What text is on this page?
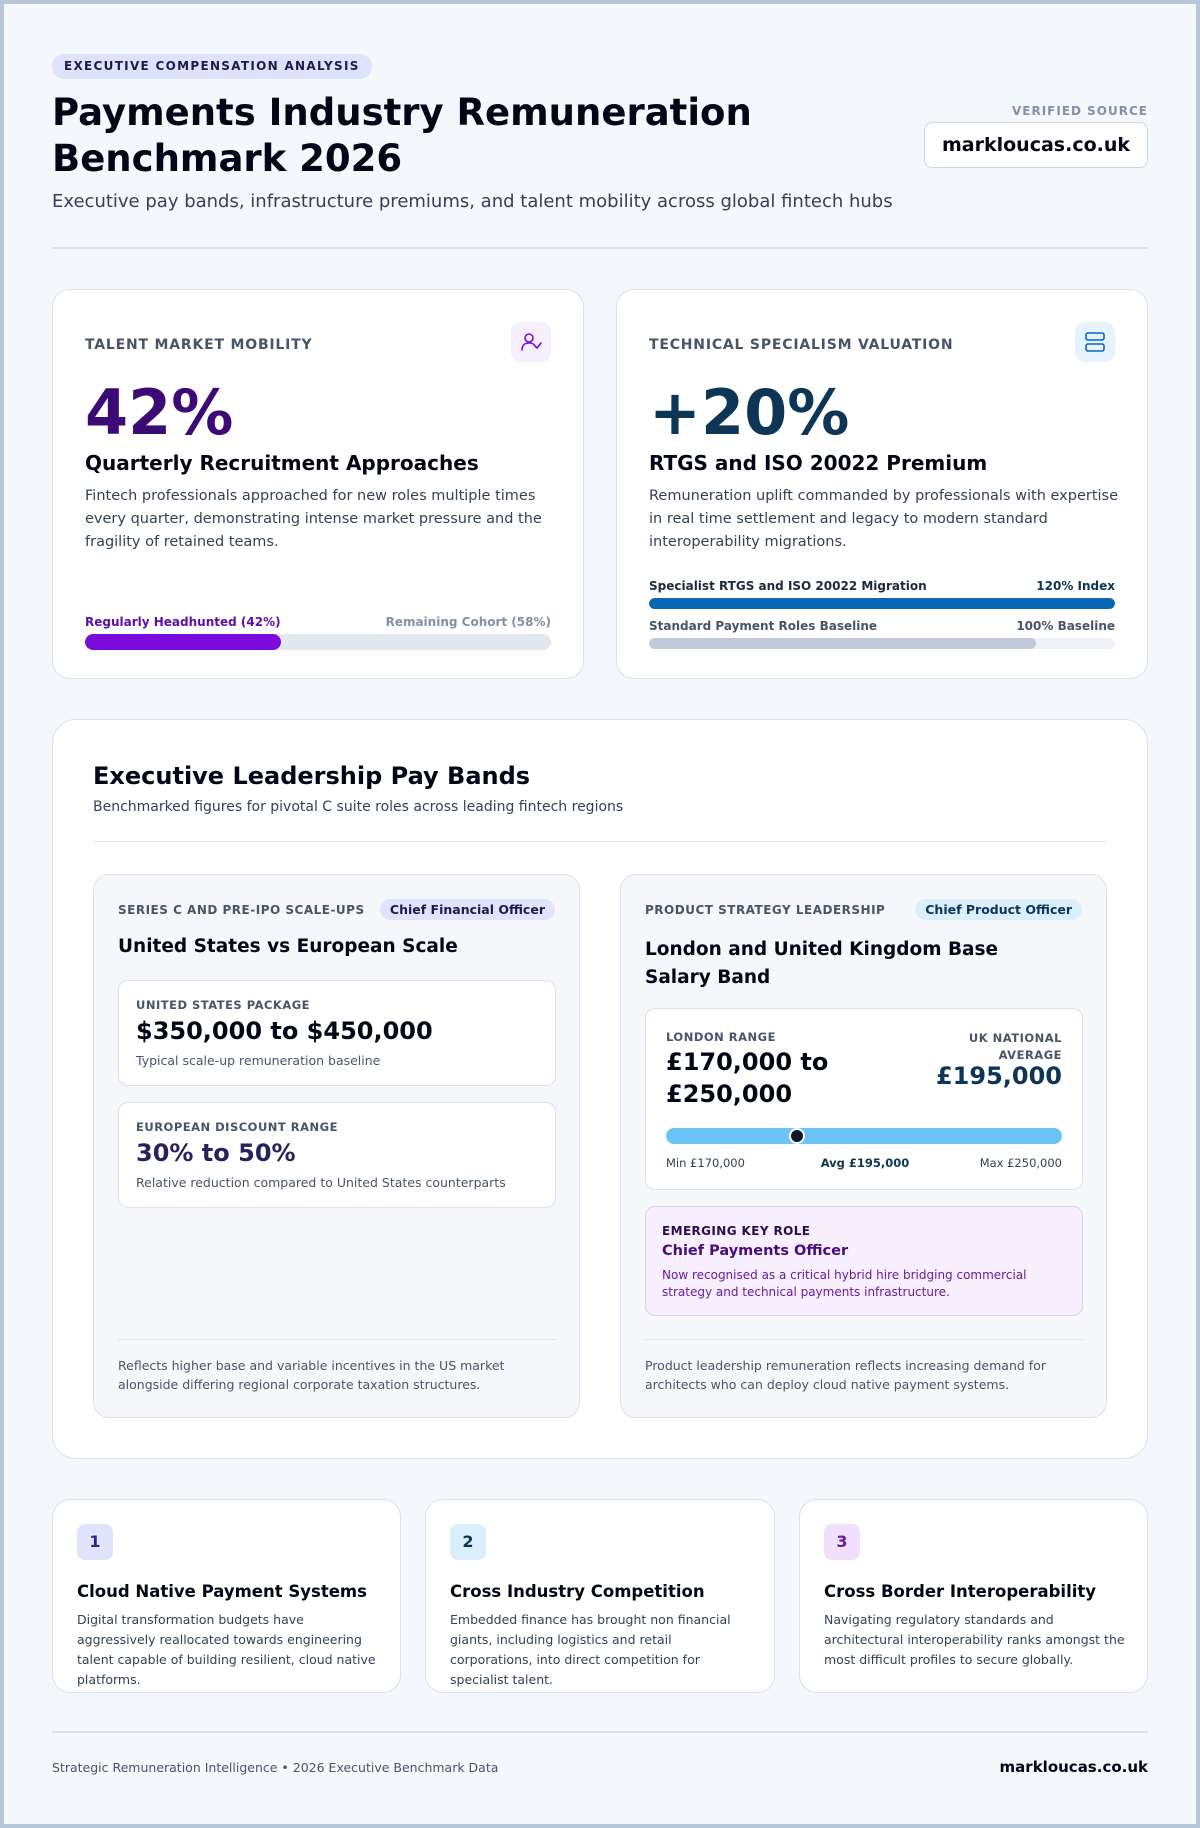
EXECUTIVE COMPENSATION ANALYSIS
Payments Industry Remuneration Benchmark 2026
Executive pay bands, infrastructure premiums, and talent mobility across global fintech hubs
VERIFIED SOURCE
markloucas.co.uk
TALENT MARKET MOBILITY
42%
Quarterly Recruitment Approaches
Fintech professionals approached for new roles multiple times every quarter, demonstrating intense market pressure and the fragility of retained teams.
Regularly Headhunted (42%)	Remaining Cohort (58%)
TECHNICAL SPECIALISM VALUATION
+20%
RTGS and ISO 20022 Premium
Remuneration uplift commanded by professionals with expertise in real time settlement and legacy to modern standard interoperability migrations.
Specialist RTGS and ISO 20022 Migration	120% Index
Standard Payment Roles Baseline	100% Baseline
Executive Leadership Pay Bands
Benchmarked figures for pivotal C suite roles across leading fintech regions
SERIES C AND PRE-IPO SCALE-UPS	Chief Financial Officer
United States vs European Scale
UNITED STATES PACKAGE
$350,000 to $450,000
Typical scale-up remuneration baseline
EUROPEAN DISCOUNT RANGE
30% to 50%
Relative reduction compared to United States counterparts
Reflects higher base and variable incentives in the US market alongside differing regional corporate taxation structures.
PRODUCT STRATEGY LEADERSHIP	Chief Product Officer
London and United Kingdom Base Salary Band
LONDON RANGE
£170,000 to £250,000
UK NATIONAL AVERAGE
£195,000
Min £170,000	Avg £195,000	Max £250,000
EMERGING KEY ROLE
Chief Payments Officer
Now recognised as a critical hybrid hire bridging commercial strategy and technical payments infrastructure.
Product leadership remuneration reflects increasing demand for architects who can deploy cloud native payment systems.
1
Cloud Native Payment Systems
Digital transformation budgets have aggressively reallocated towards engineering talent capable of building resilient, cloud native platforms.
2
Cross Industry Competition
Embedded finance has brought non financial giants, including logistics and retail corporations, into direct competition for specialist talent.
3
Cross Border Interoperability
Navigating regulatory standards and architectural interoperability ranks amongst the most difficult profiles to secure globally.
Strategic Remuneration Intelligence • 2026 Executive Benchmark Data	markloucas.co.uk
